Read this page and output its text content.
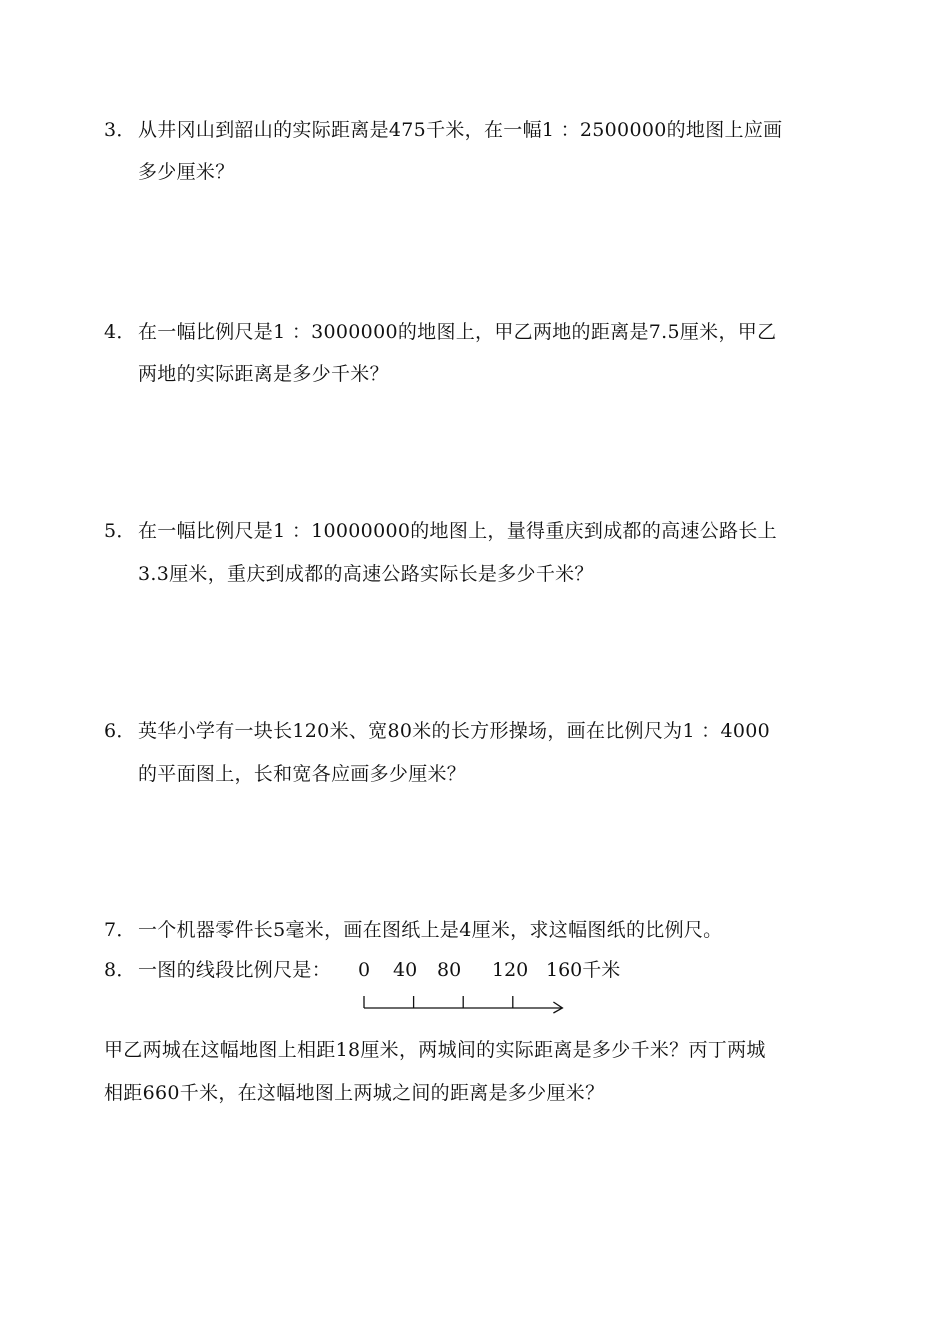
3． 从井冈山到韶山的实际距离是475千米，在一幅1 ：2500000的地图上应画
多少厘米？
4． 在一幅比例尺是1 ：3000000的地图上，甲乙两地的距离是7.5厘米，甲乙
两地的实际距离是多少千米？
5． 在一幅比例尺是1 ：10000000的地图上，量得重庆到成都的高速公路长上
3.3厘米，重庆到成都的高速公路实际长是多少千米？
6． 英华小学有一块长120米、宽80米的长方形操场，画在比例尺为1 ：4000
的平面图上，长和宽各应画多少厘米？
7． 一个机器零件长5毫米，画在图纸上是4厘米，求这幅图纸的比例尺。
8． 一图的线段比例尺是： 0 40 80 120 160千米
甲乙两城在这幅地图上相距18厘米，两城间的实际距离是多少千米？丙丁两城
相距660千米，在这幅地图上两城之间的距离是多少厘米？
